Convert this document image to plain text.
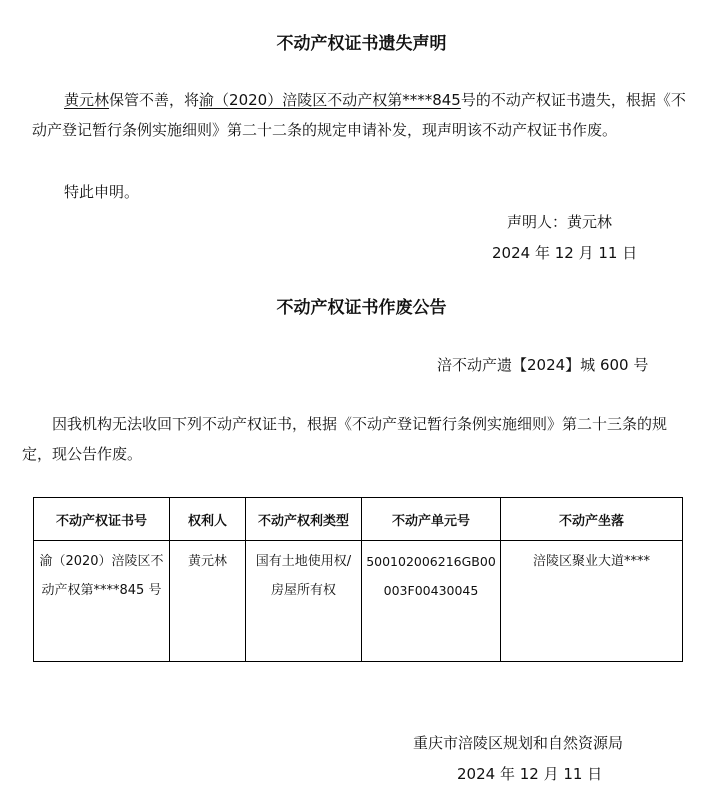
不动产权证书遗失声明
黄元林保管不善，将渝（2020）涪陵区不动产权第****845号的不动产权证书遗失，根据《不动产登记暂行条例实施细则》第二十二条的规定申请补发，现声明该不动产权证书作废。
特此申明。
声明人：黄元林
2024 年 12 月 11 日
不动产权证书作废公告
涪不动产遗【2024】城 600 号
因我机构无法收回下列不动产权证书，根据《不动产登记暂行条例实施细则》第二十三条的规定，现公告作废。
不动产权证书号	权利人	不动产权利类型	不动产单元号	不动产坐落
渝（2020）涪陵区不动产权第****845 号	黄元林	国有土地使用权/房屋所有权	500102006216GB00003F00430045	涪陵区聚业大道****
重庆市涪陵区规划和自然资源局
2024 年 12 月 11 日
